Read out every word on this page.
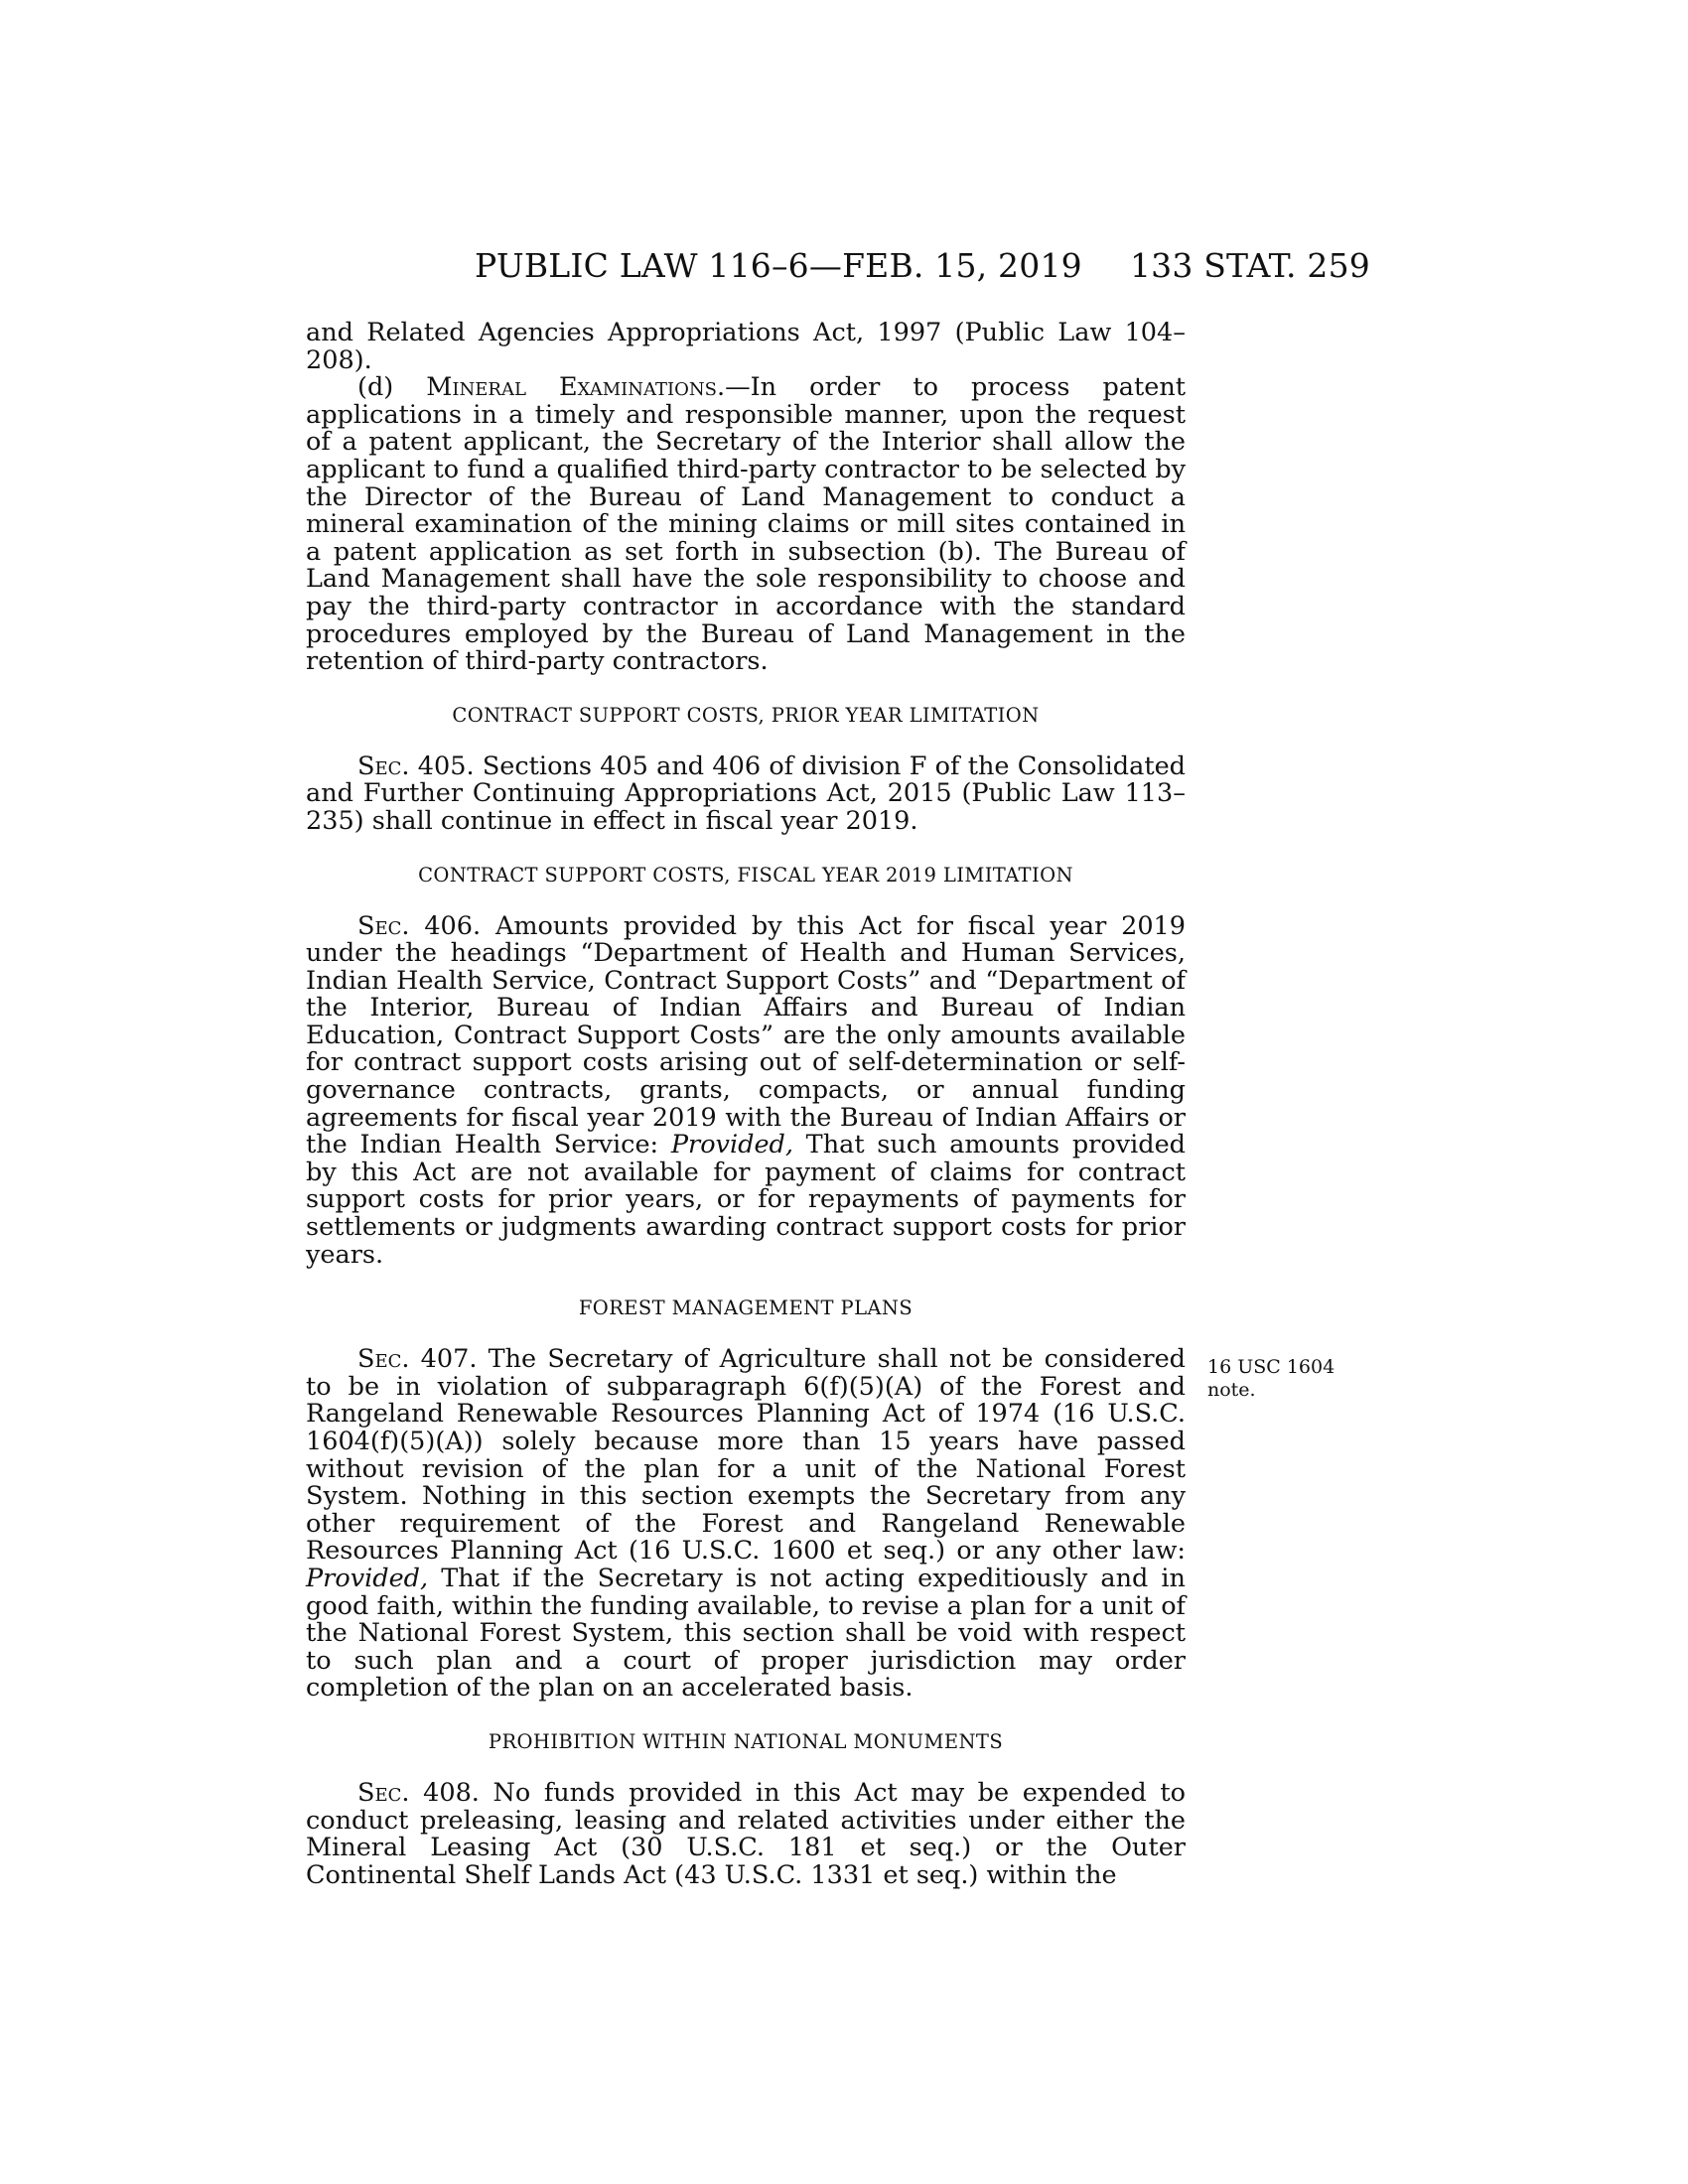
PUBLIC LAW 116–6—FEB. 15, 2019 133 STAT. 259
16 USC 1604
note.

and Related Agencies Appropriations Act, 1997 (Public Law 104–208).

(d) Mineral Examinations.—In order to process patent applications in a timely and responsible manner, upon the request of a patent applicant, the Secretary of the Interior shall allow the applicant to fund a qualified third-party contractor to be selected by the Director of the Bureau of Land Management to conduct a mineral examination of the mining claims or mill sites contained in a patent application as set forth in subsection (b). The Bureau of Land Management shall have the sole responsibility to choose and pay the third-party contractor in accordance with the standard procedures employed by the Bureau of Land Management in the retention of third-party contractors.

CONTRACT SUPPORT COSTS, PRIOR YEAR LIMITATION

Sec. 405. Sections 405 and 406 of division F of the Consolidated and Further Continuing Appropriations Act, 2015 (Public Law 113–235) shall continue in effect in fiscal year 2019.

CONTRACT SUPPORT COSTS, FISCAL YEAR 2019 LIMITATION

Sec. 406. Amounts provided by this Act for fiscal year 2019 under the headings “Department of Health and Human Services, Indian Health Service, Contract Support Costs” and “Department of the Interior, Bureau of Indian Affairs and Bureau of Indian Education, Contract Support Costs” are the only amounts available for contract support costs arising out of self-determination or self-governance contracts, grants, compacts, or annual funding agreements for fiscal year 2019 with the Bureau of Indian Affairs or the Indian Health Service: Provided, That such amounts provided by this Act are not available for payment of claims for contract support costs for prior years, or for repayments of payments for settlements or judgments awarding contract support costs for prior years.

FOREST MANAGEMENT PLANS

Sec. 407. The Secretary of Agriculture shall not be considered to be in violation of subparagraph 6(f)(5)(A) of the Forest and Rangeland Renewable Resources Planning Act of 1974 (16 U.S.C. 1604(f)(5)(A)) solely because more than 15 years have passed without revision of the plan for a unit of the National Forest System. Nothing in this section exempts the Secretary from any other requirement of the Forest and Rangeland Renewable Resources Planning Act (16 U.S.C. 1600 et seq.) or any other law: Provided, That if the Secretary is not acting expeditiously and in good faith, within the funding available, to revise a plan for a unit of the National Forest System, this section shall be void with respect to such plan and a court of proper jurisdiction may order completion of the plan on an accelerated basis.

PROHIBITION WITHIN NATIONAL MONUMENTS

Sec. 408. No funds provided in this Act may be expended to conduct preleasing, leasing and related activities under either the Mineral Leasing Act (30 U.S.C. 181 et seq.) or the Outer Continental Shelf Lands Act (43 U.S.C. 1331 et seq.) within the
